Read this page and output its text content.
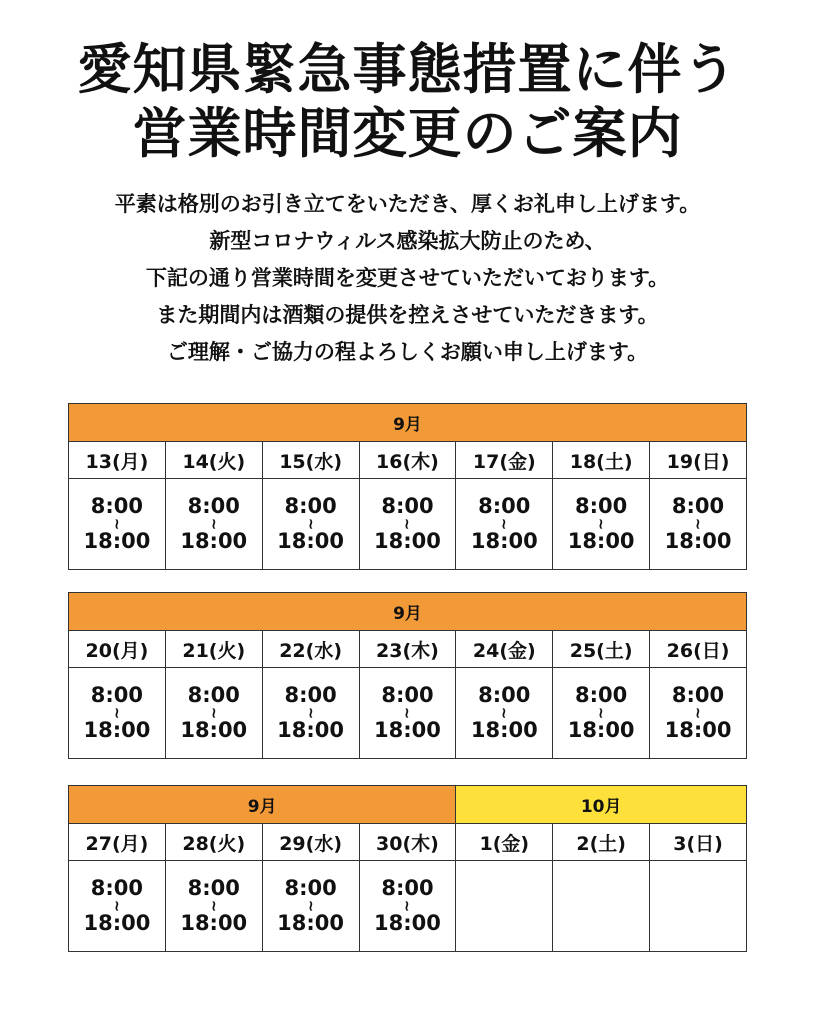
愛知県緊急事態措置に伴う
営業時間変更のご案内
平素は格別のお引き立てをいただき、厚くお礼申し上げます。
新型コロナウィルス感染拡大防止のため、
下記の通り営業時間を変更させていただいております。
また期間内は酒類の提供を控えさせていただきます。
ご理解・ご協力の程よろしくお願い申し上げます。
9月						
13(月)	14(火)	15(水)	16(木)	17(金)	18(土)	19(日)

8:00
~
18:00	8:00
~
18:00	8:00
~
18:00	8:00
~
18:00	8:00
~
18:00	8:00
~
18:00	8:00
~
18:00
9月						
20(月)	21(火)	22(水)	23(木)	24(金)	25(土)	26(日)

8:00
~
18:00	8:00
~
18:00	8:00
~
18:00	8:00
~
18:00	8:00
~
18:00	8:00
~
18:00	8:00
~
18:00
9月				10月		
27(月)	28(火)	29(水)	30(木)	1(金)	2(土)	3(日)

8:00
~
18:00	8:00
~
18:00	8:00
~
18:00	8:00
~
18:00			
